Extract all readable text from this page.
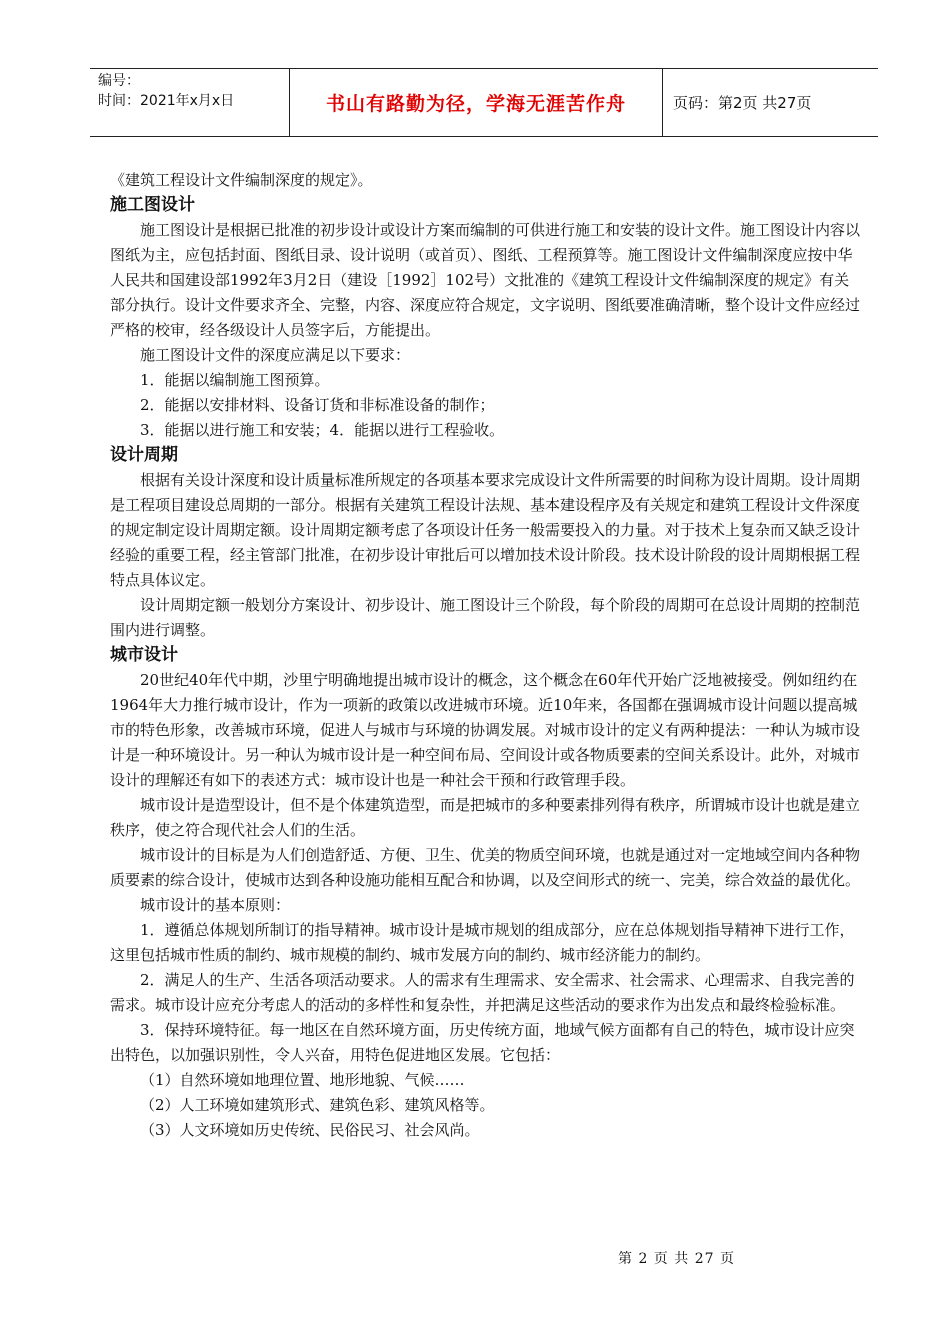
编号：
时间：2021年x月x日	书山有路勤为径，学海无涯苦作舟	页码：第2页 共27页

《建筑工程设计文件编制深度的规定》。

施工图设计

施工图设计是根据已批准的初步设计或设计方案而编制的可供进行施工和安装的设计文件。施工图设计内容以图纸为主，应包括封面、图纸目录、设计说明（或首页）、图纸、工程预算等。施工图设计文件编制深度应按中华人民共和国建设部1992年3月2日（建设［1992］102号）文批准的《建筑工程设计文件编制深度的规定》有关部分执行。设计文件要求齐全、完整，内容、深度应符合规定，文字说明、图纸要准确清晰，整个设计文件应经过严格的校审，经各级设计人员签字后，方能提出。

施工图设计文件的深度应满足以下要求：

1．能据以编制施工图预算。

2．能据以安排材料、设备订货和非标准设备的制作；

3．能据以进行施工和安装；4．能据以进行工程验收。

设计周期

根据有关设计深度和设计质量标准所规定的各项基本要求完成设计文件所需要的时间称为设计周期。设计周期是工程项目建设总周期的一部分。根据有关建筑工程设计法规、基本建设程序及有关规定和建筑工程设计文件深度的规定制定设计周期定额。设计周期定额考虑了各项设计任务一般需要投入的力量。对于技术上复杂而又缺乏设计经验的重要工程，经主管部门批准，在初步设计审批后可以增加技术设计阶段。技术设计阶段的设计周期根据工程特点具体议定。

设计周期定额一般划分方案设计、初步设计、施工图设计三个阶段，每个阶段的周期可在总设计周期的控制范围内进行调整。

城市设计

20世纪40年代中期，沙里宁明确地提出城市设计的概念，这个概念在60年代开始广泛地被接受。例如纽约在1964年大力推行城市设计，作为一项新的政策以改进城市环境。近10年来，各国都在强调城市设计问题以提高城市的特色形象，改善城市环境，促进人与城市与环境的协调发展。对城市设计的定义有两种提法：一种认为城市设计是一种环境设计。另一种认为城市设计是一种空间布局、空间设计或各物质要素的空间关系设计。此外，对城市设计的理解还有如下的表述方式：城市设计也是一种社会干预和行政管理手段。

城市设计是造型设计，但不是个体建筑造型，而是把城市的多种要素排列得有秩序，所谓城市设计也就是建立秩序，使之符合现代社会人们的生活。

城市设计的目标是为人们创造舒适、方便、卫生、优美的物质空间环境，也就是通过对一定地域空间内各种物质要素的综合设计，使城市达到各种设施功能相互配合和协调，以及空间形式的统一、完美，综合效益的最优化。

城市设计的基本原则：

1．遵循总体规划所制订的指导精神。城市设计是城市规划的组成部分，应在总体规划指导精神下进行工作，这里包括城市性质的制约、城市规模的制约、城市发展方向的制约、城市经济能力的制约。

2．满足人的生产、生活各项活动要求。人的需求有生理需求、安全需求、社会需求、心理需求、自我完善的需求。城市设计应充分考虑人的活动的多样性和复杂性，并把满足这些活动的要求作为出发点和最终检验标准。

3．保持环境特征。每一地区在自然环境方面，历史传统方面，地域气候方面都有自己的特色，城市设计应突出特色，以加强识别性，令人兴奋，用特色促进地区发展。它包括：

（1）自然环境如地理位置、地形地貌、气候……

（2）人工环境如建筑形式、建筑色彩、建筑风格等。

（3）人文环境如历史传统、民俗民习、社会风尚。

第 2 页 共 27 页
